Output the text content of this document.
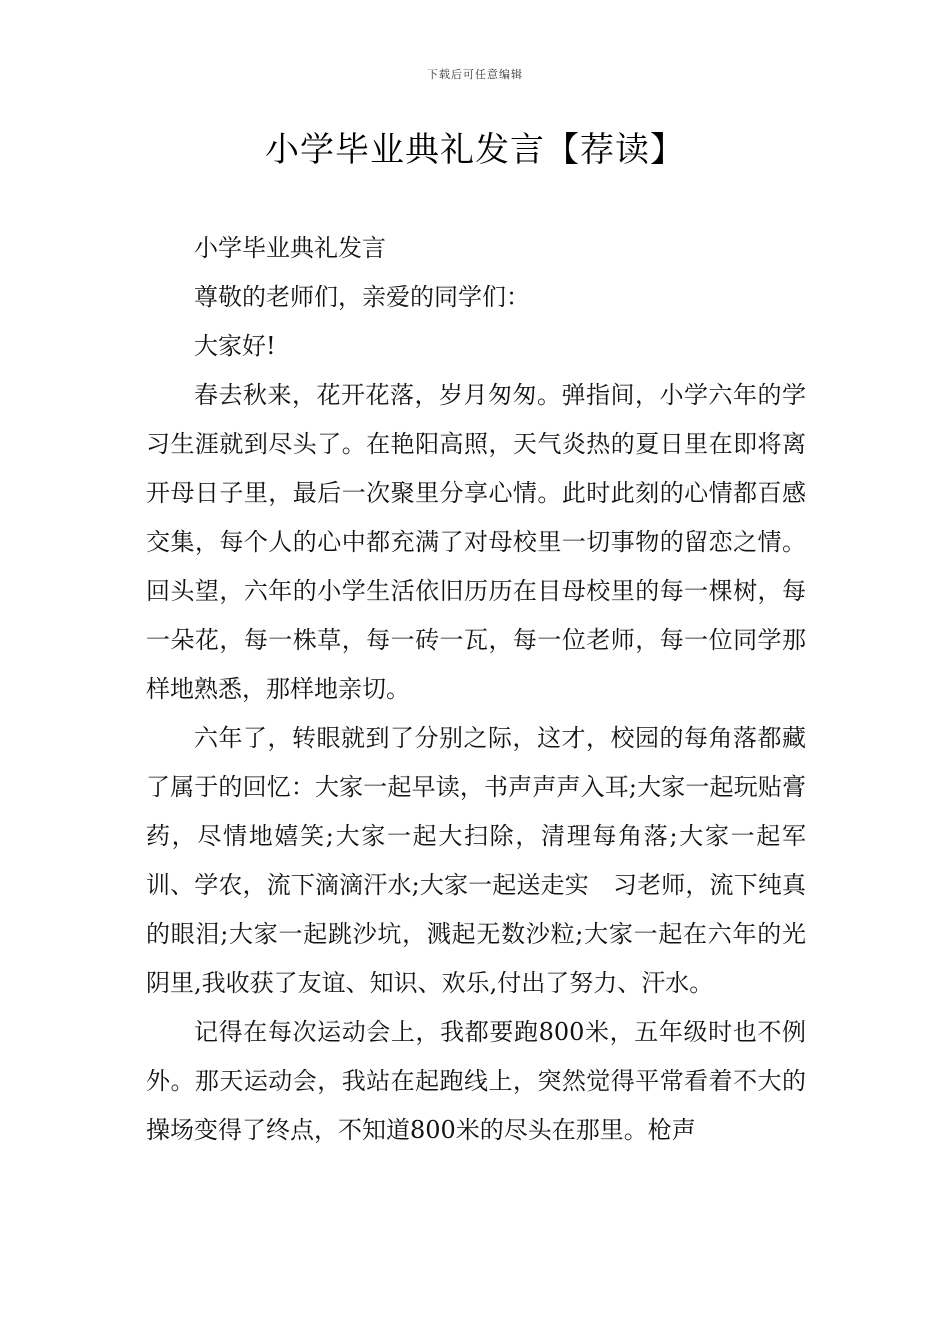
下载后可任意编辑
小学毕业典礼发言【荐读】

小学毕业典礼发言

尊敬的老师们，亲爱的同学们：

大家好!

春去秋来，花开花落，岁月匆匆。弹指间，小学六年的学习生涯就到尽头了。在艳阳高照，天气炎热的夏日里在即将离开母日子里，最后一次聚里分享心情。此时此刻的心情都百感交集，每个人的心中都充满了对母校里一切事物的留恋之情。回头望，六年的小学生活依旧历历在目母校里的每一棵树，每一朵花，每一株草，每一砖一瓦，每一位老师，每一位同学那样地熟悉，那样地亲切。

六年了，转眼就到了分别之际，这才，校园的每角落都藏了属于的回忆：大家一起早读，书声声声入耳;大家一起玩贴膏药，尽情地嬉笑;大家一起大扫除，清理每角落;大家一起军训、学农，流下滴滴汗水;大家一起送走实　习老师，流下纯真的眼泪;大家一起跳沙坑，溅起无数沙粒;大家一起在六年的光阴里,我收获了友谊、知识、欢乐,付出了努力、汗水。

记得在每次运动会上，我都要跑800米，五年级时也不例外。那天运动会，我站在起跑线上，突然觉得平常看着不大的操场变得了终点，不知道800米的尽头在那里。枪声
